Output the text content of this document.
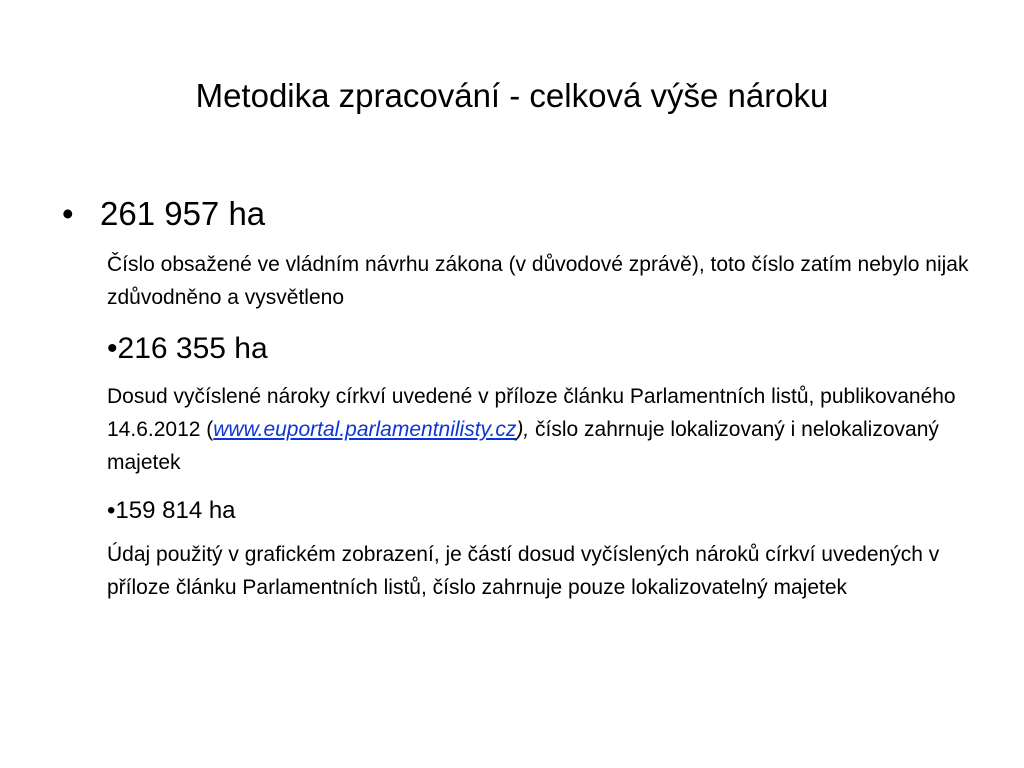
Metodika zpracování - celková výše nároku
• 261 957 ha
Číslo obsažené ve vládním návrhu zákona (v důvodové zprávě), toto číslo zatím nebylo nijak zdůvodněno a vysvětleno
•216 355 ha
Dosud vyčíslené nároky církví uvedené v příloze článku Parlamentních listů, publikovaného 14.6.2012 (www.euportal.parlamentnilisty.cz), číslo zahrnuje lokalizovaný i nelokalizovaný majetek
•159 814 ha
Údaj použitý v grafickém zobrazení, je částí dosud vyčíslených nároků církví uvedených v příloze článku Parlamentních listů, číslo zahrnuje pouze lokalizovatelný majetek
